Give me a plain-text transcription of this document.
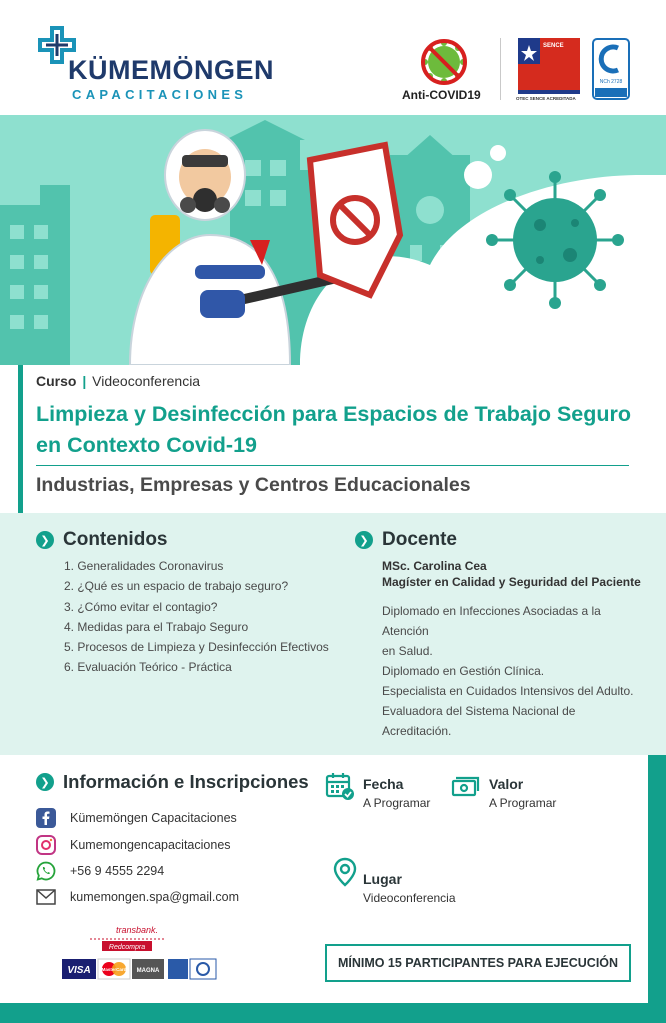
KÜMEMÖNGEN
CAPACITACIONES	Anti-COVID19
SENCE
OTEC SENCE ACREDITADA
NCh 2728
Curso | Videoconferencia
Limpieza y Desinfección para Espacios de Trabajo Seguro en Contexto Covid-19
Industrias, Empresas y Centros Educacionales
❯ Contenidos
1. Generalidades Coronavirus
2. ¿Qué es un espacio de trabajo seguro?
3. ¿Cómo evitar el contagio?
4. Medidas para el Trabajo Seguro
5. Procesos de Limpieza y Desinfección Efectivos
6. Evaluación Teórico - Práctica
❯ Docente
MSc. Carolina Cea
Magíster en Calidad y Seguridad del Paciente
Diplomado en Infecciones Asociadas a la Atención
en Salud.
Diplomado en Gestión Clínica.
Especialista en Cuidados Intensivos del Adulto.
Evaluadora del Sistema Nacional de Acreditación.
❯ Información e Inscripciones
Kümemöngen Capacitaciones
Kumemongencapacitaciones
+56 9 4555 2294
kumemongen.spa@gmail.com
Fecha
A Programar
Valor
A Programar
Lugar
Videoconferencia
transbank.
Redcompra
VISA MasterCard MAGNA
MÍNIMO 15 PARTICIPANTES PARA EJECUCIÓN
